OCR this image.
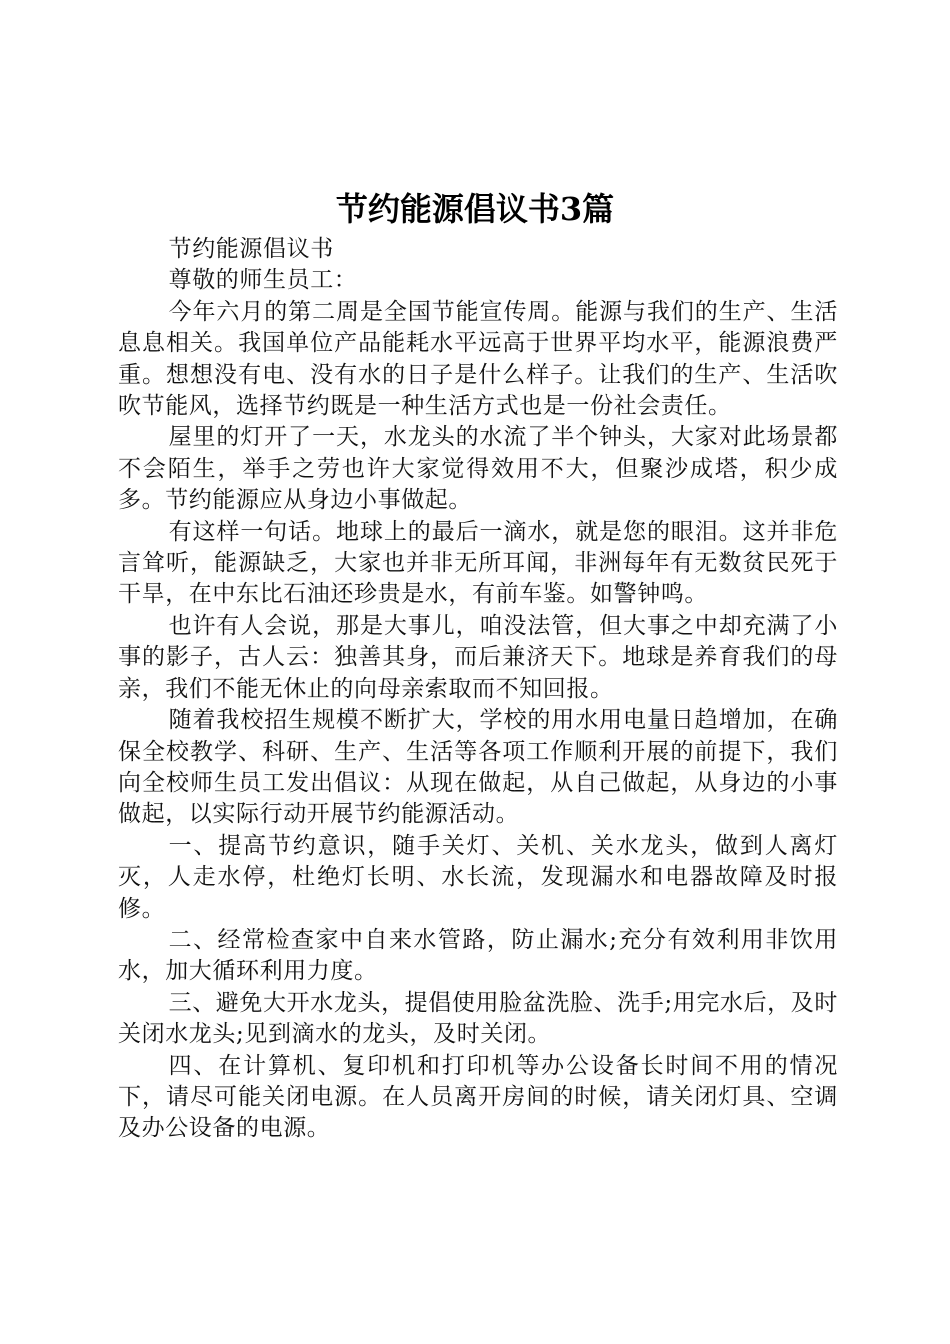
节约能源倡议书3篇

节约能源倡议书

尊敬的师生员工：

今年六月的第二周是全国节能宣传周。能源与我们的生产、生活息息相关。我国单位产品能耗水平远高于世界平均水平，能源浪费严重。想想没有电、没有水的日子是什么样子。让我们的生产、生活吹吹节能风，选择节约既是一种生活方式也是一份社会责任。

屋里的灯开了一天，水龙头的水流了半个钟头，大家对此场景都不会陌生，举手之劳也许大家觉得效用不大，但聚沙成塔，积少成多。节约能源应从身边小事做起。

有这样一句话。地球上的最后一滴水，就是您的眼泪。这并非危言耸听，能源缺乏，大家也并非无所耳闻，非洲每年有无数贫民死于干旱，在中东比石油还珍贵是水，有前车鉴。如警钟鸣。

也许有人会说，那是大事儿，咱没法管，但大事之中却充满了小事的影子，古人云：独善其身，而后兼济天下。地球是养育我们的母亲，我们不能无休止的向母亲索取而不知回报。

随着我校招生规模不断扩大，学校的用水用电量日趋增加，在确保全校教学、科研、生产、生活等各项工作顺利开展的前提下，我们向全校师生员工发出倡议：从现在做起，从自己做起，从身边的小事做起，以实际行动开展节约能源活动。

一、提高节约意识，随手关灯、关机、关水龙头，做到人离灯灭，人走水停，杜绝灯长明、水长流，发现漏水和电器故障及时报修。

二、经常检查家中自来水管路，防止漏水;充分有效利用非饮用水，加大循环利用力度。

三、避免大开水龙头，提倡使用脸盆洗脸、洗手;用完水后，及时关闭水龙头;见到滴水的龙头，及时关闭。

四、在计算机、复印机和打印机等办公设备长时间不用的情况下，请尽可能关闭电源。在人员离开房间的时候，请关闭灯具、空调及办公设备的电源。
